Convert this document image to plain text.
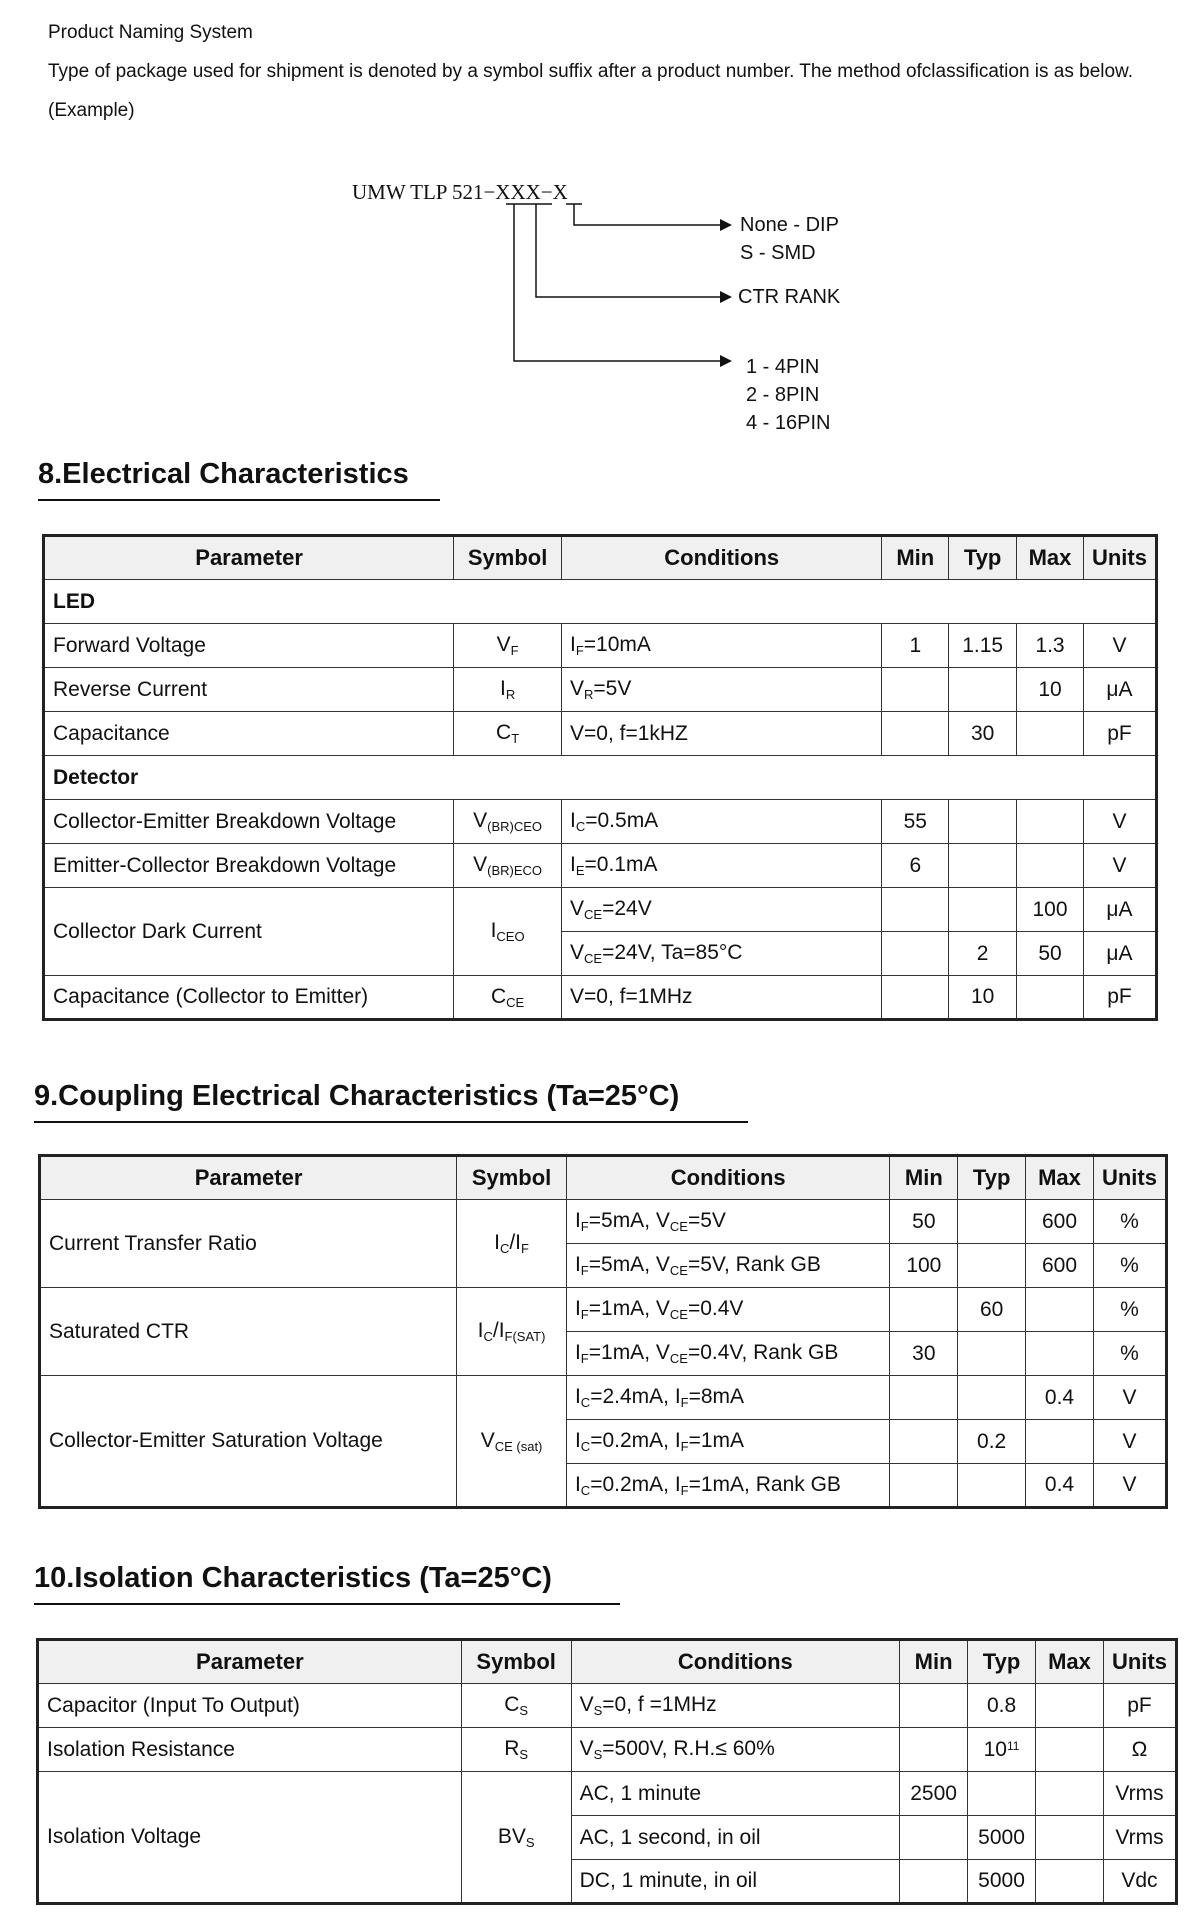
Product Naming System
Type of package used for shipment is denoted by a symbol suffix after a product number. The method ofclassification is as below.
(Example)
UMW TLP 521−XXX−X
None - DIP
S - SMD
CTR RANK
1 - 4PIN
2 - 8PIN
4 - 16PIN
8.Electrical Characteristics
Parameter	Symbol	Conditions	Min	Typ	Max	Units
LED						
Forward Voltage	$V_F$	$I_F=10mA$	1	1.15	1.3	V
Reverse Current	$I_R$	$V_R=5V$			10	μA
Capacitance	$C_T$	V=0, f=1kHZ		30		pF
Detector						
Collector-Emitter Breakdown Voltage	$V_{(BR)CEO}$	$I_C=0.5mA$	55			V
Emitter-Collector Breakdown Voltage	$V_{(BR)ECO}$	$I_E=0.1mA$	6			V
Collector Dark Current	$I_{CEO}$	$V_{CE}=24V$			100	μA
		$V_{CE}=24V$, Ta=85°C		2	50	μA
Capacitance (Collector to Emitter)	$C_{CE}$	V=0, f=1MHz		10		pF
9.Coupling Electrical Characteristics (Ta=25°C)
Parameter	Symbol	Conditions	Min	Typ	Max	Units
Current Transfer Ratio	$I_C/I_F$	$I_F=5mA$, $V_{CE}=5V$	50		600	%
		$I_F=5mA$, $V_{CE}=5V$, Rank GB	100		600	%
Saturated CTR	$I_C/I_{F(SAT)}$	$I_F=1mA$, $V_{CE}=0.4V$		60		%
		$I_F=1mA$, $V_{CE}=0.4V$, Rank GB	30			%
Collector-Emitter Saturation Voltage	$V_{CE (sat)}$	$I_C=2.4mA$, $I_F=8mA$			0.4	V
		$I_C=0.2mA$, $I_F=1mA$		0.2		V
		$I_C=0.2mA$, $I_F=1mA$, Rank GB			0.4	V
10.Isolation Characteristics (Ta=25°C)
Parameter	Symbol	Conditions	Min	Typ	Max	Units
Capacitor (Input To Output)	$C_S$	$V_S=0$, f =1MHz		0.8		pF
Isolation Resistance	$R_S$	$V_S=500V$, R.H.≤ 60%		$10^{11}$		Ω
Isolation Voltage	$BV_S$	AC, 1 minute	2500			Vrms
		AC, 1 second, in oil		5000		Vrms
		DC, 1 minute, in oil		5000		Vdc
